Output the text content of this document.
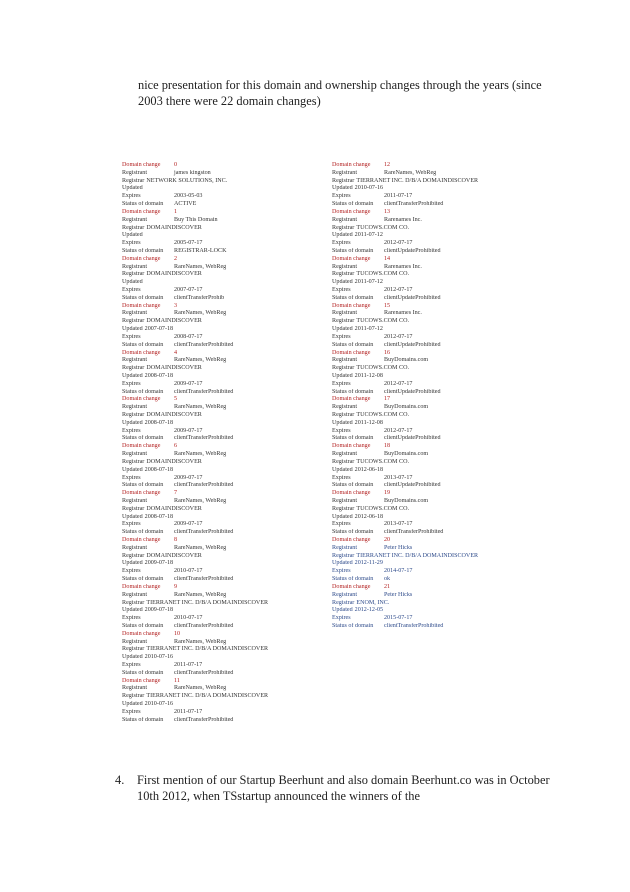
nice presentation for this domain and ownership changes through the years (since 2003 there were 22 domain changes)

Domain change 0
Registrant	james kingston
Registrar NETWORK SOLUTIONS, INC.
Updated
Expires	2003-05-03
Status of domain ACTIVE
Domain change 1
Registrant	Buy This Domain
Registrar DOMAINDISCOVER
Updated
Expires	2005-07-17
Status of domain REGISTRAR-LOCK
Domain change 2
Registrant	RareNames, WebReg
Registrar DOMAINDISCOVER
Updated
Expires	2007-07-17
Status of domain clientTransferProhib
Domain change 3
Registrant	RareNames, WebReg
Registrar DOMAINDISCOVER
Updated 2007-07-18
Expires	2008-07-17
Status of domain clientTransferProhibited
Domain change 4
Registrant	RareNames, WebReg
Registrar DOMAINDISCOVER
Updated 2008-07-18
Expires	2009-07-17
Status of domain clientTransferProhibited
Domain change 5
Registrant	RareNames, WebReg
Registrar DOMAINDISCOVER
Updated 2008-07-18
Expires	2009-07-17
Status of domain clientTransferProhibited
Domain change 6
Registrant	RareNames, WebReg
Registrar DOMAINDISCOVER
Updated 2008-07-18
Expires	2009-07-17
Status of domain clientTransferProhibited
Domain change 7
Registrant	RareNames, WebReg
Registrar DOMAINDISCOVER
Updated 2008-07-18
Expires	2009-07-17
Status of domain clientTransferProhibited
Domain change 8
Registrant	RareNames, WebReg
Registrar DOMAINDISCOVER
Updated 2009-07-18
Expires	2010-07-17
Status of domain clientTransferProhibited
Domain change 9
Registrant	RareNames, WebReg
Registrar TIERRANET INC. D/B/A DOMAINDISCOVER
Updated 2009-07-18
Expires	2010-07-17
Status of domain clientTransferProhibited
Domain change 10
Registrant	RareNames, WebReg
Registrar TIERRANET INC. D/B/A DOMAINDISCOVER
Updated 2010-07-16
Expires	2011-07-17
Status of domain clientTransferProhibited
Domain change 11
Registrant	RareNames, WebReg
Registrar TIERRANET INC. D/B/A DOMAINDISCOVER
Updated 2010-07-16
Expires	2011-07-17
Status of domain clientTransferProhibited
Domain change 12
Registrant	RareNames, WebReg
Registrar TIERRANET INC. D/B/A DOMAINDISCOVER
Updated 2010-07-16
Expires	2011-07-17
Status of domain clientTransferProhibited
Domain change 13
Registrant	Rarenames Inc.
Registrar TUCOWS.COM CO.
Updated 2011-07-12
Expires	2012-07-17
Status of domain clientUpdateProhibited
Domain change 14
Registrant	Rarenames Inc.
Registrar TUCOWS.COM CO.
Updated 2011-07-12
Expires	2012-07-17
Status of domain clientUpdateProhibited
Domain change 15
Registrant	Rarenames Inc.
Registrar TUCOWS.COM CO.
Updated 2011-07-12
Expires	2012-07-17
Status of domain clientUpdateProhibited
Domain change 16
Registrant	BuyDomains.com
Registrar TUCOWS.COM CO.
Updated 2011-12-08
Expires	2012-07-17
Status of domain clientUpdateProhibited
Domain change 17
Registrant	BuyDomains.com
Registrar TUCOWS.COM CO.
Updated 2011-12-08
Expires	2012-07-17
Status of domain clientUpdateProhibited
Domain change 18
Registrant	BuyDomains.com
Registrar TUCOWS.COM CO.
Updated 2012-06-18
Expires	2013-07-17
Status of domain clientUpdateProhibited
Domain change 19
Registrant	BuyDomains.com
Registrar TUCOWS.COM CO.
Updated 2012-06-18
Expires	2013-07-17
Status of domain clientTransferProhibited
Domain change 20
Registrant	Peter Hicks
Registrar TIERRANET INC. D/B/A DOMAINDISCOVER
Updated 2012-11-29
Expires	2014-07-17
Status of domain ok
Domain change 21
Registrant	Peter Hicks
Registrar ENOM, INC.
Updated 2012-12-05
Expires	2015-07-17
Status of domain clientTransferProhibited
4.	First mention of our Startup Beerhunt and also domain Beerhunt.co was in October 10th 2012, when TSstartup announced the winners of the
